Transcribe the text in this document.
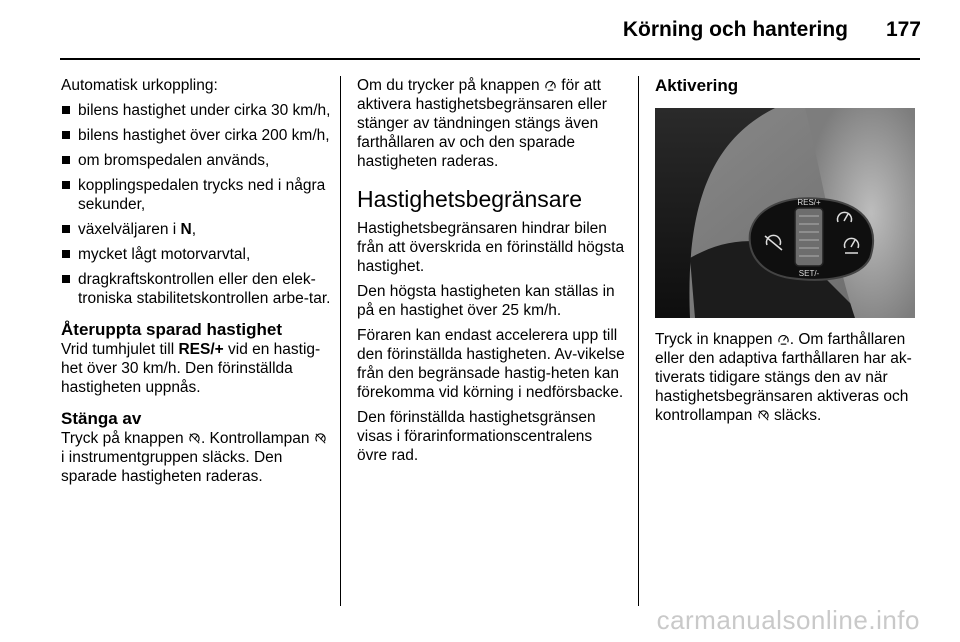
Körning och hantering 177

Automatisk urkoppling:

bilens hastighet under cirka 30 km/h,
bilens hastighet över cirka 200 km/h,
om bromspedalen används,
kopplingspedalen trycks ned i några sekunder,
växelväljaren i N,
mycket lågt motorvarvtal,
dragkraftskontrollen eller den elek-troniska stabilitetskontrollen arbe-tar.
Återuppta sparad hastighet

Vrid tumhjulet till RES/+ vid en hastig-het över 30 km/h. Den förinställda hastigheten uppnås.

Stänga av

Tryck på knappen . Kontrollampan  i instrumentgruppen släcks. Den sparade hastigheten raderas.

Om du trycker på knappen  för att aktivera hastighetsbegränsaren eller stänger av tändningen stängs även farthållaren av och den sparade hastigheten raderas.

Hastighetsbegränsare

Hastighetsbegränsaren hindrar bilen från att överskrida en förinställd högsta hastighet.

Den högsta hastigheten kan ställas in på en hastighet över 25 km/h.

Föraren kan endast accelerera upp till den förinställda hastigheten. Av-vikelse från den begränsade hastig-heten kan förekomma vid körning i nedförsbacke.

Den förinställda hastighetsgränsen visas i förarinformationscentralens övre rad.

Aktivering
RES/+
SET/-

Tryck in knappen . Om farthållaren eller den adaptiva farthållaren har ak-tiverats tidigare stängs den av när hastighetsbegränsaren aktiveras och kontrollampan  släcks.

carmanualsonline.info
